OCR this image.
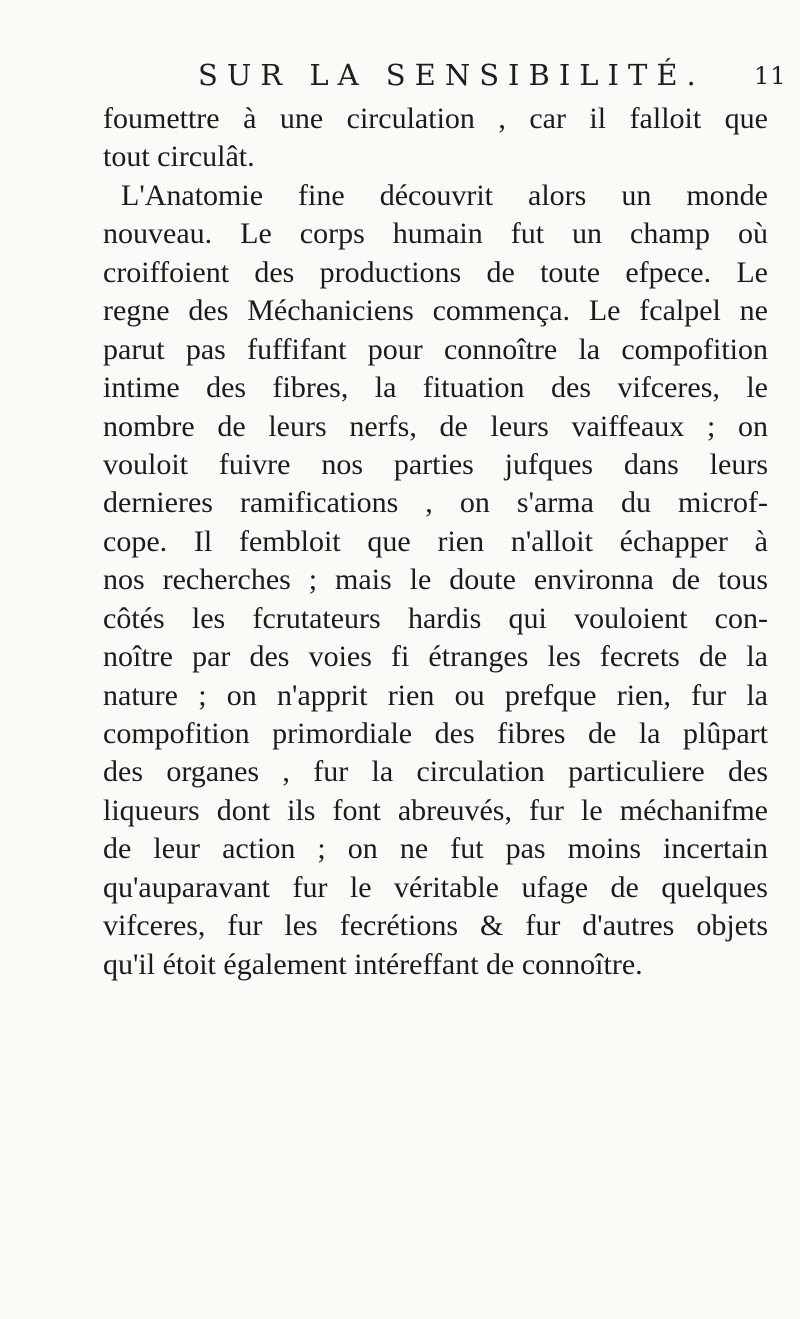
SUR LA SENSIBILITÉ. 11
foumettre à une circulation , car il falloit que
tout circulât.
L'Anatomie fine découvrit alors un monde
nouveau. Le corps humain fut un champ où
croiffoient des productions de toute efpece. Le
regne des Méchaniciens commença. Le fcalpel ne
parut pas fuffifant pour connoître la compofition
intime des fibres, la fituation des vifceres, le
nombre de leurs nerfs, de leurs vaiffeaux ; on
vouloit fuivre nos parties jufques dans leurs
dernieres ramifications , on s'arma du microf-
cope. Il fembloit que rien n'alloit échapper à
nos recherches ; mais le doute environna de tous
côtés les fcrutateurs hardis qui vouloient con-
noître par des voies fi étranges les fecrets de la
nature ; on n'apprit rien ou prefque rien, fur la
compofition primordiale des fibres de la plûpart
des organes , fur la circulation particuliere des
liqueurs dont ils font abreuvés, fur le méchanifme
de leur action ; on ne fut pas moins incertain
qu'auparavant fur le véritable ufage de quelques
vifceres, fur les fecrétions & fur d'autres objets
qu'il étoit également intéreffant de connoître.
